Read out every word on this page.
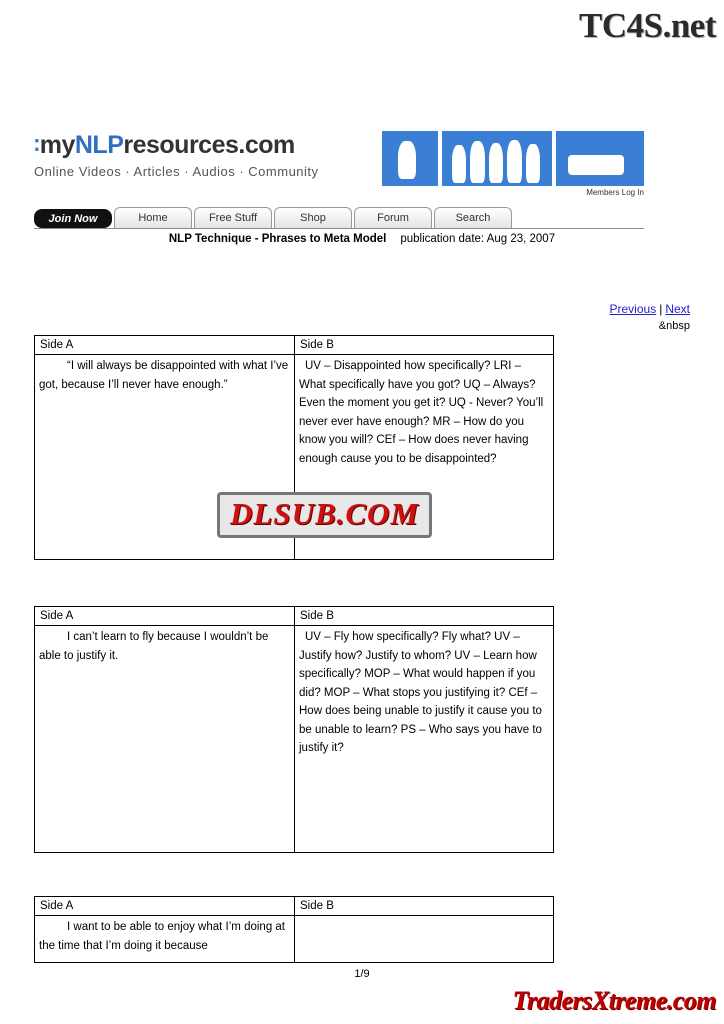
TC4S.net
∶ myNLPresources.com
Online Videos · Articles · Audios · Community
Members Log In
Join Now	Home	Free Stuff	Shop	Forum	Search
NLP Technique - Phrases to Meta Model publication date: Aug 23, 2007
Previous | Next
&nbsp
Side A	Side B
“I will always be disappointed with what I’ve got, because I’ll never have enough.”	UV – Disappointed how specifically? LRI – What specifically have you got? UQ – Always? Even the moment you get it? UQ - Never? You’ll never ever have enough? MR – How do you know you will? CEf – How does never having enough cause you to be disappointed?
DLSUB.COM
Side A	Side B
I can’t learn to fly because I wouldn’t be able to justify it.	UV – Fly how specifically? Fly what? UV – Justify how? Justify to whom? UV – Learn how specifically? MOP – What would happen if you did? MOP – What stops you justifying it? CEf – How does being unable to justify it cause you to be unable to learn? PS – Who says you have to justify it?
Side A	Side B
I want to be able to enjoy what I’m doing at the time that I’m doing it because	
1/9
TradersXtreme.com
